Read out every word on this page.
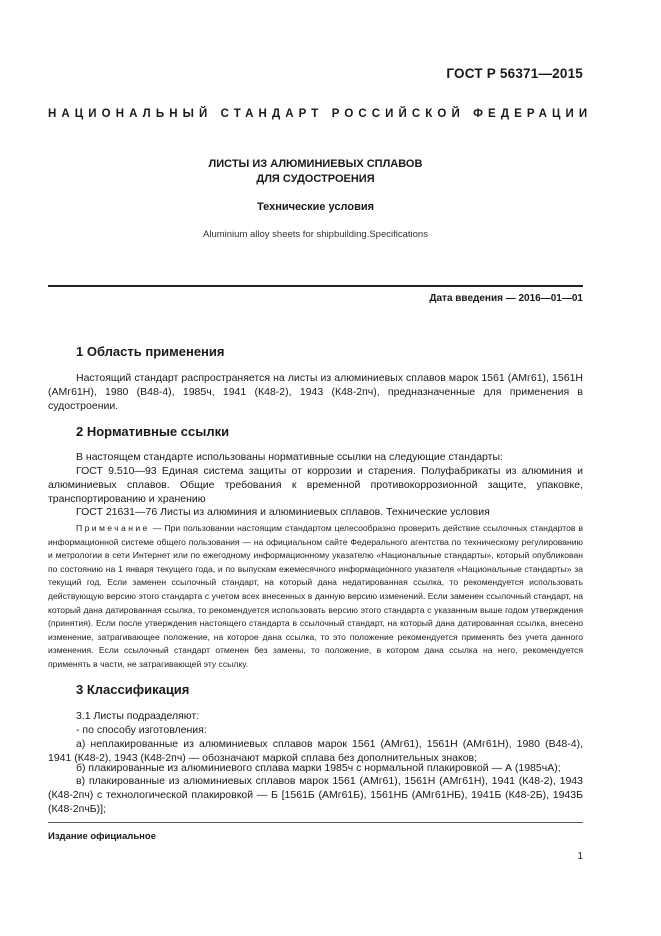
ГОСТ Р 56371—2015
НАЦИОНАЛЬНЫЙ СТАНДАРТ РОССИЙСКОЙ ФЕДЕРАЦИИ
ЛИСТЫ ИЗ АЛЮМИНИЕВЫХ СПЛАВОВ
ДЛЯ СУДОСТРОЕНИЯ
Технические условия
Aluminium alloy sheets for shipbuilding.Specifications
Дата введения — 2016—01—01
1 Область применения
Настоящий стандарт распространяется на листы из алюминиевых сплавов марок 1561 (АМг61), 1561Н (АМг61Н), 1980 (В48-4), 1985ч, 1941 (К48-2), 1943 (К48-2пч), предназначенные для применения в судостроении.
2 Нормативные ссылки
В настоящем стандарте использованы нормативные ссылки на следующие стандарты:
ГОСТ 9.510—93 Единая система защиты от коррозии и старения. Полуфабрикаты из алюминия и алюминиевых сплавов. Общие требования к временной противокоррозионной защите, упаковке, транспортированию и хранению
ГОСТ 21631—76 Листы из алюминия и алюминиевых сплавов. Технические условия
Примечание — При пользовании настоящим стандартом целесообразно проверить действие ссылочных стандартов в информационной системе общего пользования — на официальном сайте Федерального агентства по техническому регулированию и метрологии в сети Интернет или по ежегодному информационному указателю «Национальные стандарты», который опубликован по состоянию на 1 января текущего года, и по выпускам ежемесячного информационного указателя «Национальные стандарты» за текущий год. Если заменен ссылочный стандарт, на который дана недатированная ссылка, то рекомендуется использовать действующую версию этого стандарта с учетом всех внесенных в данную версию изменений. Если заменен ссылочный стандарт, на который дана датированная ссылка, то рекомендуется использовать версию этого стандарта с указанным выше годом утверждения (принятия). Если после утверждения настоящего стандарта в ссылочный стандарт, на который дана датированная ссылка, внесено изменение, затрагивающее положение, на которое дана ссылка, то это положение рекомендуется применять без учета данного изменения. Если ссылочный стандарт отменен без замены, то положение, в котором дана ссылка на него, рекомендуется применять в части, не затрагивающей эту ссылку.
3 Классификация
3.1 Листы подразделяют:
- по способу изготовления:
а) неплакированные из алюминиевых сплавов марок 1561 (АМг61), 1561Н (АМг61Н), 1980 (В48-4), 1941 (К48-2), 1943 (К48-2пч) — обозначают маркой сплава без дополнительных знаков;
б) плакированные из алюминиевого сплава марки 1985ч с нормальной плакировкой — А (1985чА);
в) плакированные из алюминиевых сплавов марок 1561 (АМг61), 1561Н (АМг61Н), 1941 (К48-2), 1943 (К48-2пч) с технологической плакировкой — Б [1561Б (АМг61Б), 1561НБ (АМг61НБ), 1941Б (К48-2Б), 1943Б (К48-2пчБ)];
Издание официальное
1
